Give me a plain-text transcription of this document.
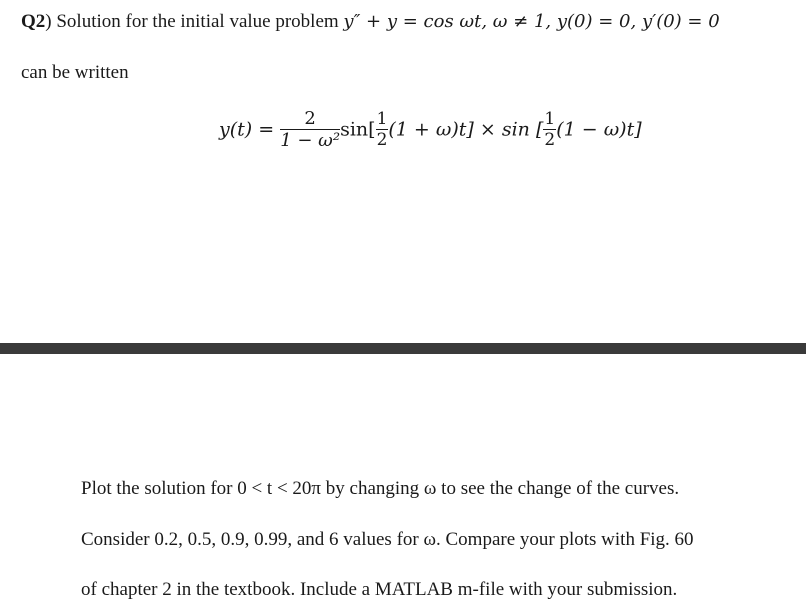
Q2) Solution for the initial value problem y″ + y = cos ωt, ω ≠ 1, y(0) = 0, y′(0) = 0
can be written
$y(t) = \frac{2}{\text{1 − ω²}} \sin[ \frac{1}{2} (1 + \omega)t] \times \sin$ [ $\frac{1}{2} (1 - \omega)t$]
Plot the solution for 0 < t < 20π by changing ω to see the change of the curves.
Consider 0.2, 0.5, 0.9, 0.99, and 6 values for ω. Compare your plots with Fig. 60
of chapter 2 in the textbook. Include a MATLAB m-file with your submission.
